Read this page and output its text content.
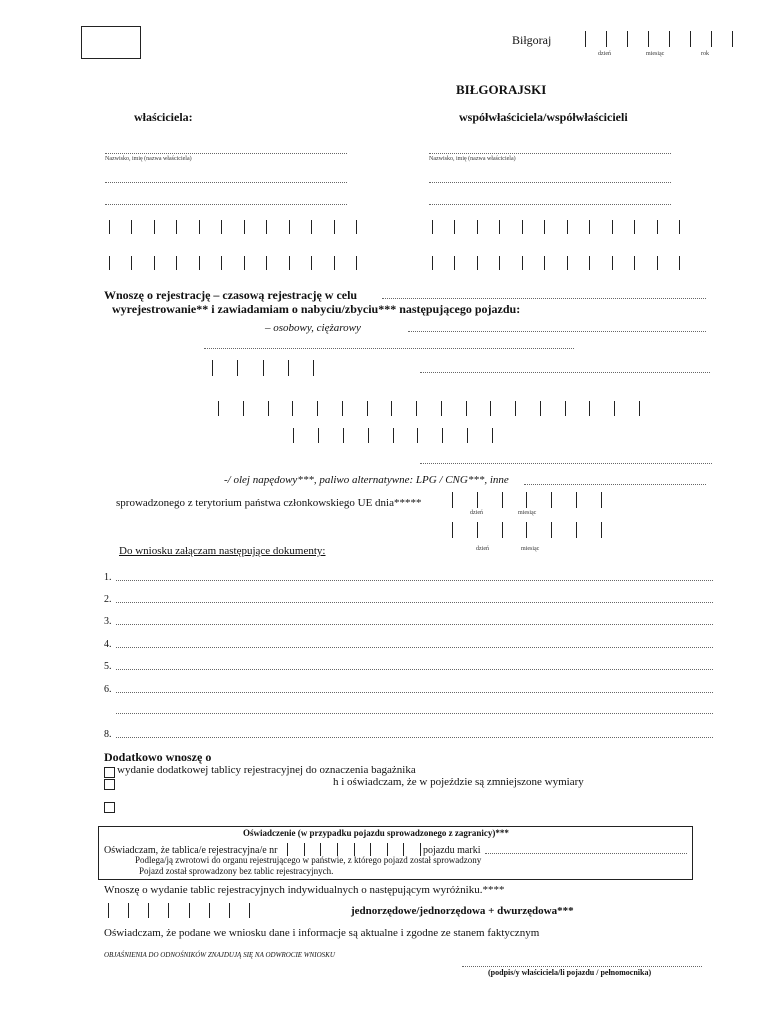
Biłgoraj
dzień	miesiąc	rok
BIŁGORAJSKI
właściciela:	współwłaściciela/współwłaścicieli
Nazwisko, imię (nazwa właściciela)	Nazwisko, imię (nazwa właściciela)
Wnoszę o rejestrację – czasową rejestrację w celu
wyrejestrowanie** i zawiadamiam o nabyciu/zbyciu*** następującego pojazdu:
– osobowy, ciężarowy
-/ olej napędowy***, paliwo alternatywne: LPG / CNG***, inne
sprowadzonego z terytorium państwa członkowskiego UE dnia*****
dzień	miesiąc
dzień	miesiąc
Do wniosku załączam następujące dokumenty:
1.
2.
3.
4.
5.
6.
8.
Dodatkowo wnoszę o
wydanie dodatkowej tablicy rejestracyjnej do oznaczenia bagażnika
h i oświadczam, że w pojeździe są zmniejszone wymiary
Oświadczenie (w przypadku pojazdu sprowadzonego z zagranicy)***
Oświadczam, że tablica/e rejestracyjna/e nr	pojazdu marki
Podlega/ją zwrotowi do organu rejestrującego w państwie, z którego pojazd został sprowadzony
Pojazd został sprowadzony bez tablic rejestracyjnych.
Wnoszę o wydanie tablic rejestracyjnych indywidualnych o następującym wyróżniku.****
jednorzędowe/jednorzędowa + dwurzędowa***
Oświadczam, że podane we wniosku dane i informacje są aktualne i zgodne ze stanem faktycznym
OBJAŚNIENIA DO ODNOŚNIKÓW ZNAJDUJĄ SIĘ NA ODWROCIE WNIOSKU
(podpis/y właściciela/li pojazdu / pełnomocnika)
